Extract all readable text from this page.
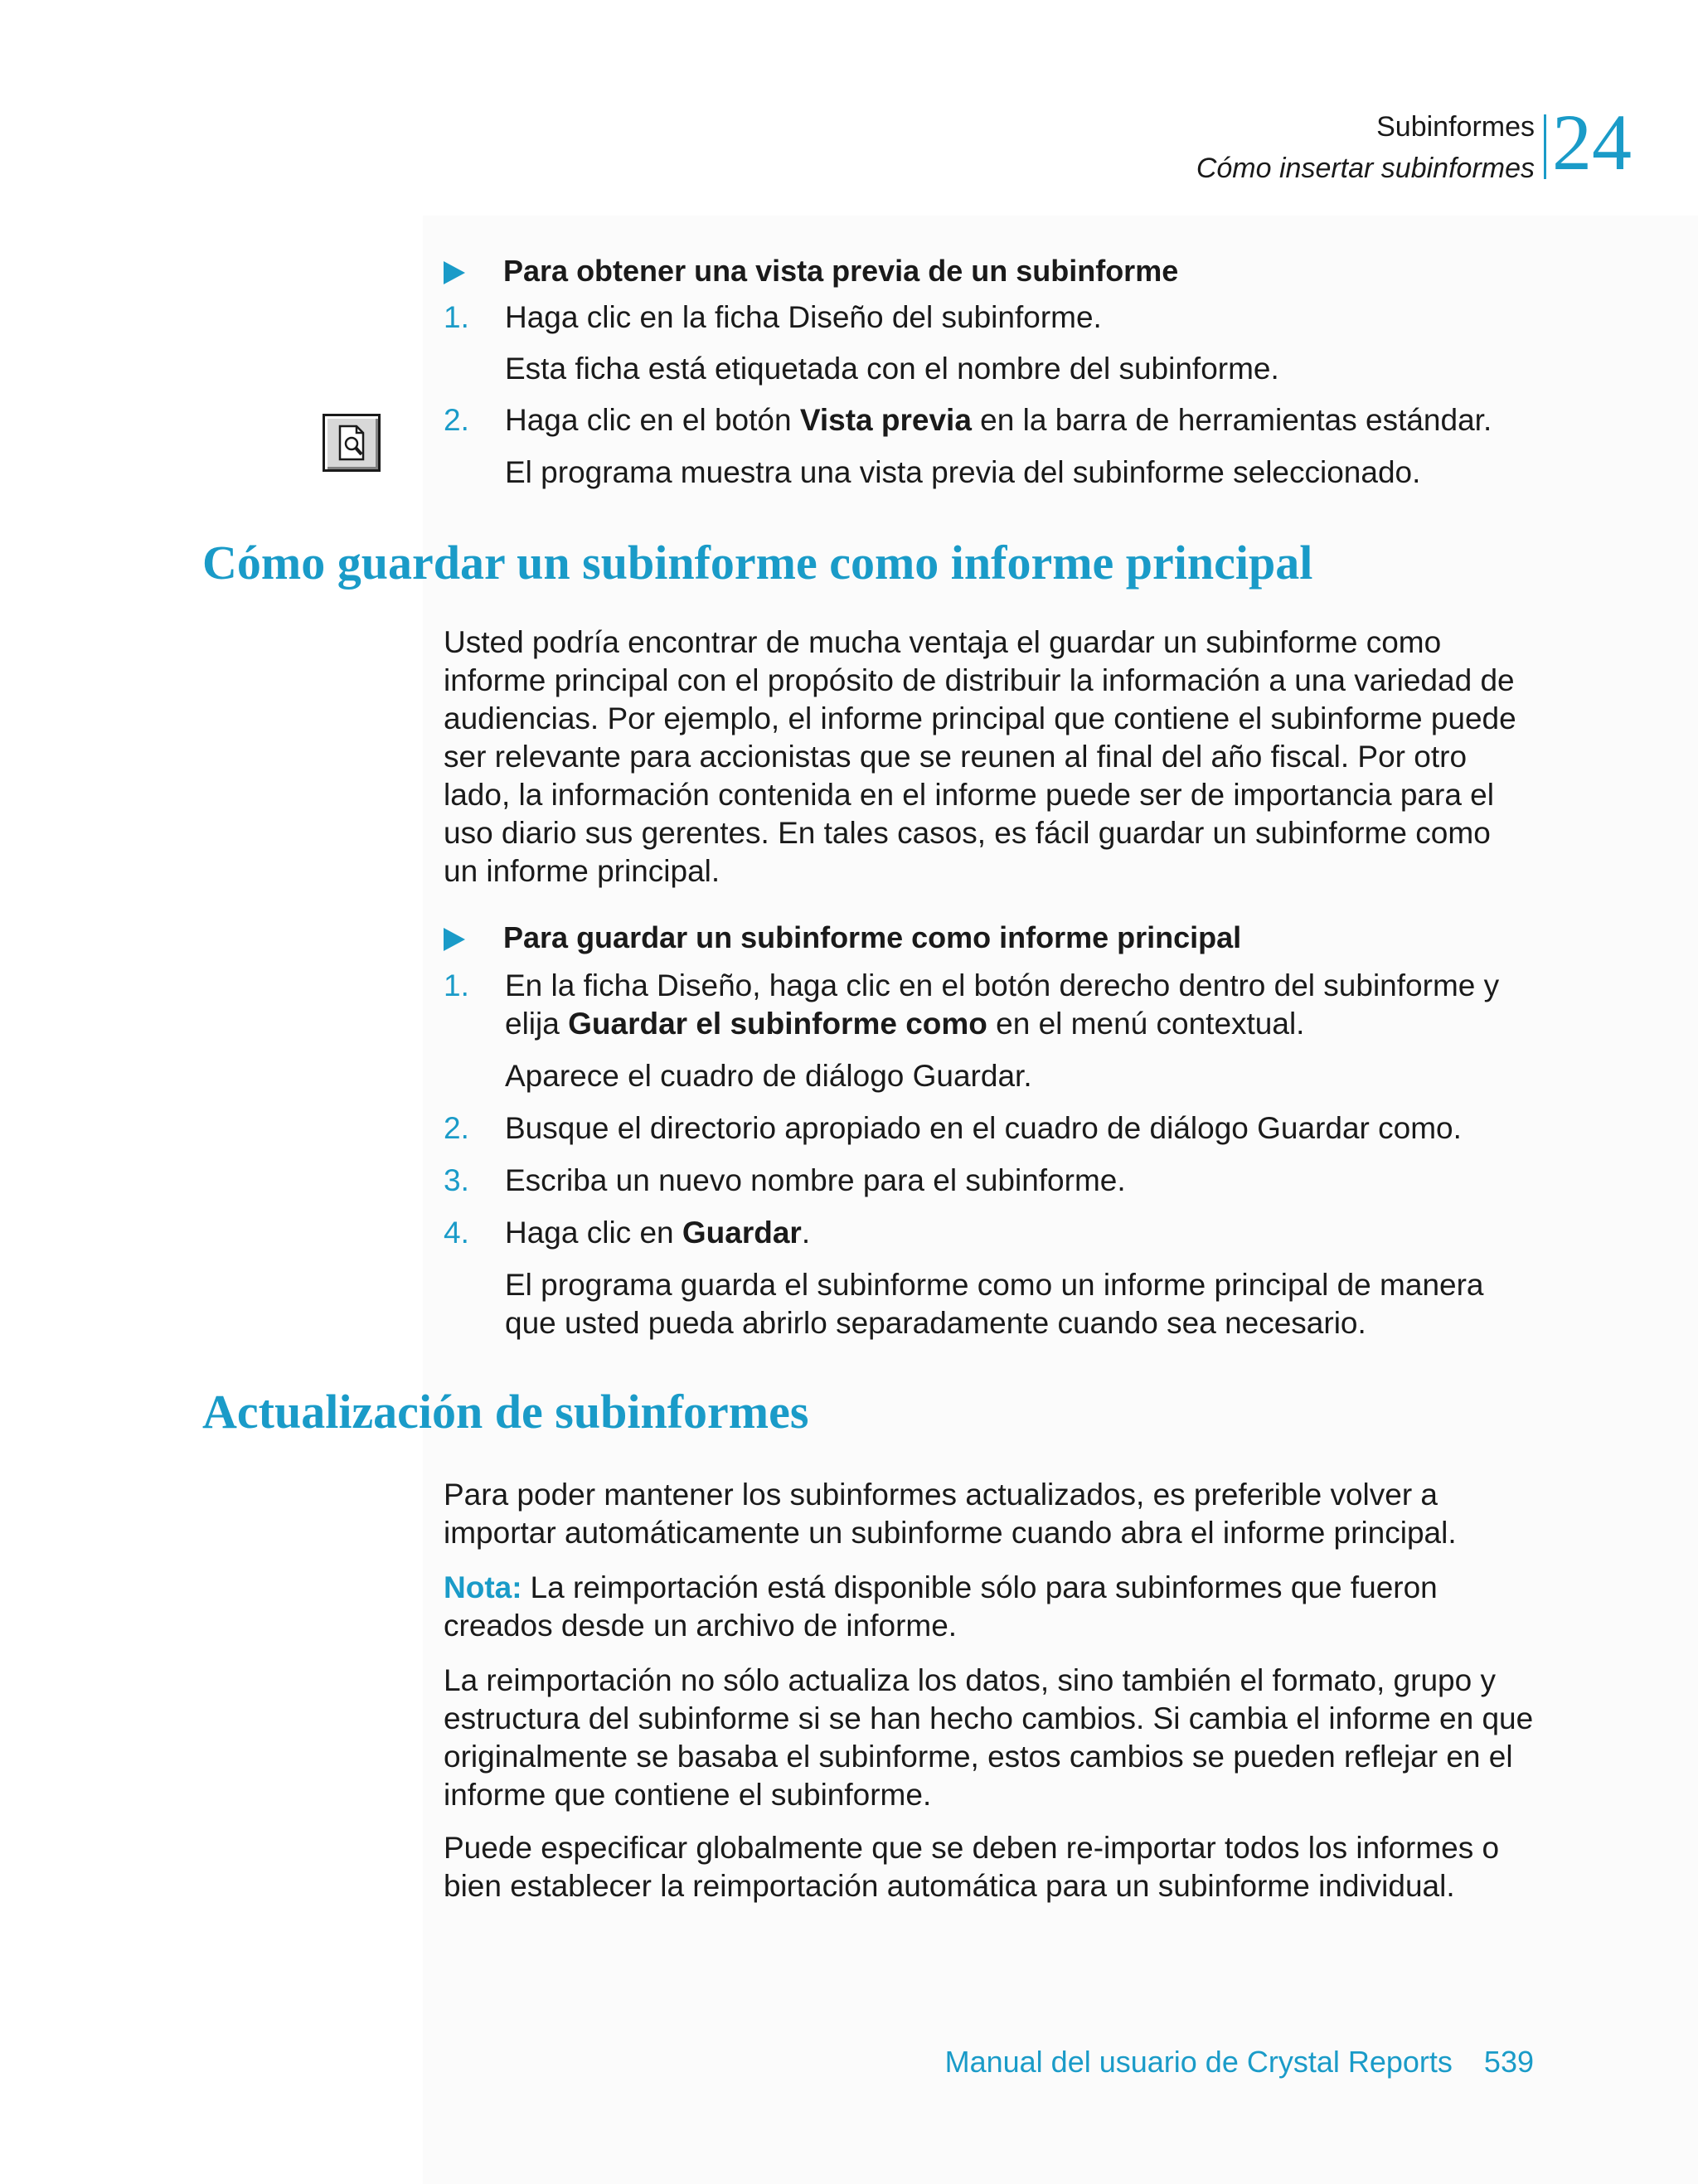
Subinformes
Cómo insertar subinformes 24
Para obtener una vista previa de un subinforme
1. Haga clic en la ficha Diseño del subinforme.
Esta ficha está etiquetada con el nombre del subinforme.
2. Haga clic en el botón Vista previa en la barra de herramientas estándar.
El programa muestra una vista previa del subinforme seleccionado.
Cómo guardar un subinforme como informe principal
Usted podría encontrar de mucha ventaja el guardar un subinforme como informe principal con el propósito de distribuir la información a una variedad de audiencias. Por ejemplo, el informe principal que contiene el subinforme puede ser relevante para accionistas que se reunen al final del año fiscal. Por otro lado, la información contenida en el informe puede ser de importancia para el uso diario sus gerentes. En tales casos, es fácil guardar un subinforme como un informe principal.
Para guardar un subinforme como informe principal
1. En la ficha Diseño, haga clic en el botón derecho dentro del subinforme y elija Guardar el subinforme como en el menú contextual.
Aparece el cuadro de diálogo Guardar.
2. Busque el directorio apropiado en el cuadro de diálogo Guardar como.
3. Escriba un nuevo nombre para el subinforme.
4. Haga clic en Guardar.
El programa guarda el subinforme como un informe principal de manera que usted pueda abrirlo separadamente cuando sea necesario.
Actualización de subinformes
Para poder mantener los subinformes actualizados, es preferible volver a importar automáticamente un subinforme cuando abra el informe principal.
Nota: La reimportación está disponible sólo para subinformes que fueron creados desde un archivo de informe.
La reimportación no sólo actualiza los datos, sino también el formato, grupo y estructura del subinforme si se han hecho cambios. Si cambia el informe en que originalmente se basaba el subinforme, estos cambios se pueden reflejar en el informe que contiene el subinforme.
Puede especificar globalmente que se deben re-importar todos los informes o bien establecer la reimportación automática para un subinforme individual.
Manual del usuario de Crystal Reports 539
